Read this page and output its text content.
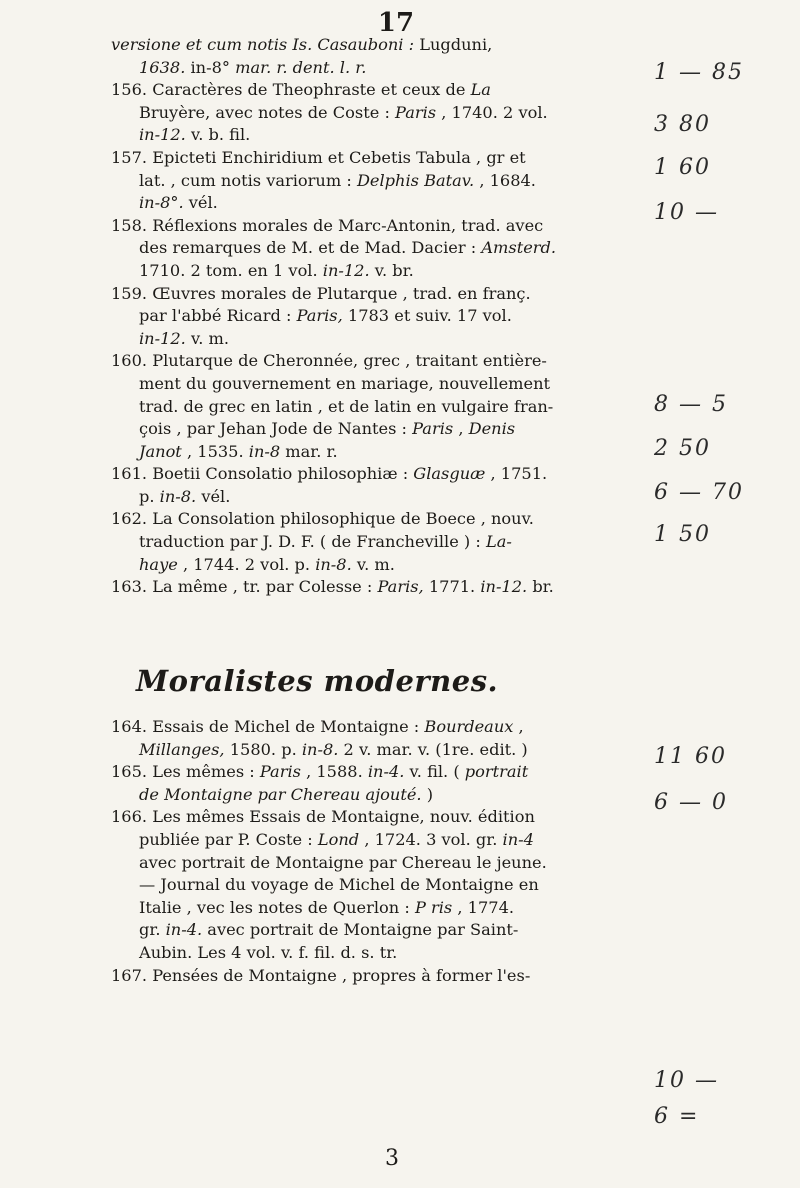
17
versione et cum notis Is. Casauboni : Lugduni,
1638. in-8° mar. r. dent. l. r.
156. Caractères de Theophraste et ceux de La
Bruyère, avec notes de Coste : Paris , 1740. 2 vol.
in-12. v. b. fil.
157. Epicteti Enchiridium et Cebetis Tabula , gr et
lat. , cum notis variorum : Delphis Batav. , 1684.
in-8°. vél.
158. Réflexions morales de Marc-Antonin, trad. avec
des remarques de M. et de Mad. Dacier : Amsterd.
1710. 2 tom. en 1 vol. in-12. v. br.
159. Œuvres morales de Plutarque , trad. en franç.
par l'abbé Ricard : Paris, 1783 et suiv. 17 vol.
in-12. v. m.
160. Plutarque de Cheronnée, grec , traitant entière-
ment du gouvernement en mariage, nouvellement
trad. de grec en latin , et de latin en vulgaire fran-
çois , par Jehan Jode de Nantes : Paris , Denis
Janot , 1535. in-8 mar. r.
161. Boetii Consolatio philosophiæ : Glasguæ , 1751.
p. in-8. vél.
162. La Consolation philosophique de Boece , nouv.
traduction par J. D. F. ( de Francheville ) : La-
haye , 1744. 2 vol. p. in-8. v. m.
163. La même , tr. par Colesse : Paris, 1771. in-12. br.
Moralistes modernes.
164. Essais de Michel de Montaigne : Bourdeaux ,
Millanges, 1580. p. in-8. 2 v. mar. v. (1re. edit. )
165. Les mêmes : Paris , 1588. in-4. v. fil. ( portrait
de Montaigne par Chereau ajouté. )
166. Les mêmes Essais de Montaigne, nouv. édition
publiée par P. Coste : Lond , 1724. 3 vol. gr. in-4
avec portrait de Montaigne par Chereau le jeune.
— Journal du voyage de Michel de Montaigne en
Italie , vec les notes de Querlon : P ris , 1774.
gr. in-4. avec portrait de Montaigne par Saint-
Aubin. Les 4 vol. v. f. fil. d. s. tr.
167. Pensées de Montaigne , propres à former l'es-
3
1 — 85
3 80
1 60
10 —
8 — 5
2 50
6 — 70
1 50
11 60
6 — 0
10 —
6 =
